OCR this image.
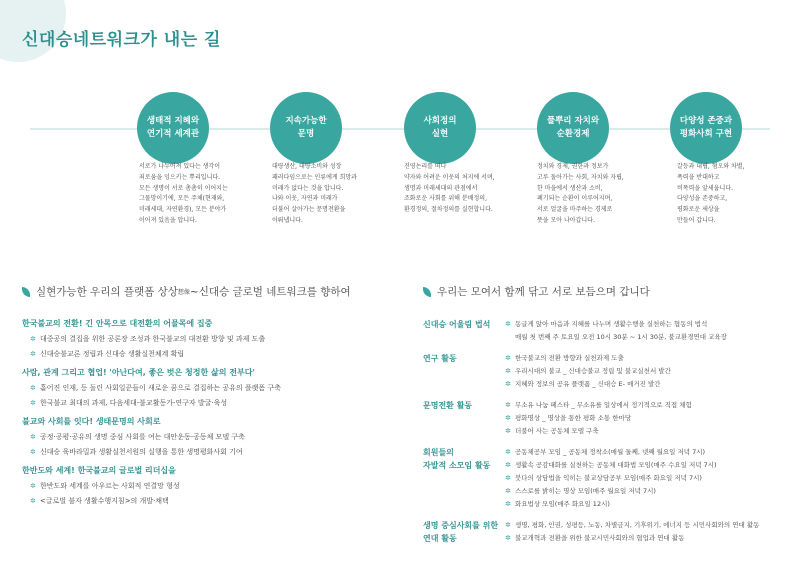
신대승네트워크가 내는 길
생태적 지혜와
연기적 세계관
지속가능한
문명
사회정의
실현
풀뿌리 자치와
순환경제
다양성 존중과
평화사회 구현
서로가 나누어져 있다는 생각이
죄로움을 잉으키는 뿌리입니다.
모든 생명이 서로 촘촘히 이어지는
그물망이기에, 모든 주체(현재와,
미래세대, 자연환경), 모든 분야가
이어져 있음을 압니다.
대량생산, 대량소비와 성장
패러다임으로는 인류에게 희망과
미래가 없다는 것을 압니다.
나와 이웃, 자연과 미래가
더불어 살아가는 문명전환을
이뤄냅니다.
진영논리를 떠나
약자와 어려운 이웃의 처지에 서며,
생명과 미래세대의 관점에서
조화로운 사회를 위해 분배정의,
환경정의, 절차정의를 실현합니다.
정치와 경제, 권한과 정보가
고루 돌아가는 사회, 자치와 자립,
한 마을에서 생산과 소비,
폐기되는 순환이 이루어지며,
서로 얼굴을 마주하는 경제로
뜻을 모아 나아갑니다.
갈등과 대립, 혐오와 차별,
폭력을 반대하고
비폭력을 앞세웁니다.
다양성을 존중하고,
평화로운 세상을
만들어 갑니다.
실현가능한 우리의 플랫폼 상상 想像 ~신대승 글로벌 네트워크를 향하여	우리는 모여서 함께 닦고 서로 보듬으며 갑니다
한국불교의 전환! 긴 안목으로 대전환의 어물목에 집중
✲ 대중공의 결집을 위한 공론장 조성과 한국불교의 대전환 방향 및 과제 도출
✲ 신대승불교론 정립과 신대승 생활실천체계 확립
사람, 관계 그리고 협업! '아난다여, 좋은 벗은 청정한 삶의 전부다'
✲ 흩어진 인재, 등 돌린 사회일꾼들이 새로운 꿈으로 결집하는 공유의 플랫폼 구축
✲ 한국불교 최대의 과제, 다음세대-불교활동가-연구자 발굴·육성
불교와 사회를 잇다! 생태문명의 사회로
✲ 공정·공평·공유의 생명 중심 사회를 여는 대안운동·공동체 모델 구축
✲ 신대승 육바라밀과 생활실천서원의 실행을 통한 생명평화사회 기여
한반도와 세계! 한국불교의 글로벌 리더십을
✲ 한반도와 세계를 아우르는 사회적 연결망 형성
✲ <글로벌 불자 생활수행지침>의 개발·채택
신대승 어울림 법석	✲ 동글게 앉아 마음과 지혜를 나누며 생활수행을 실천하는 협동의 법석
매월 첫 번째 주 토요일 오전 10시 30분 ~ 1시 30분, 불교환경연대 교육장
연구 활동	✲ 한국불교의 전환 방향과 실천과제 도출
✲ 우리시대의 불교 _ 신대승불교 정립 및 불교실천서 발간
✲ 지혜와 정보의 공유 플랫폼 _ 신대승 E- 매거진 발간
문명전환 활동	✲ 무소유 나눔 페스타 _ 무소유를 일상에서 정기적으로 직접 체험
✲ 평화명상 _ 명상을 통한 평화 소통 한마당
✲ 더불어 사는 공동체 모델 구축
회원들의
자발적 소모임 활동
✲ 공동체공부 모임 _ 공동체 정착소(매월 둘째, 넷째 월요일 저녁 7시)
✲ 생활속 공감대화를 실천하는 공동체 대화법 모임(매주 수요일 저녁 7시)
✲ 붓다의 상담법을 익히는 불교상담공부 모임(매주 화요일 저녁 7시)
✲ 스스로를 밝히는 명상 모임(매주 월요일 저녁 7시)
✲ 화요법상 모임(매주 화요일 12시)
생명 중심사회를 위한
연대 활동
✲ 생명, 평화, 인권, 성평등, 노동, 차별금지, 기후위기, 에너지 등 시민사회와의 연대 활동
✲ 불교개혁과 전환을 위한 불교시민사회와의 협업과 연대 활동
